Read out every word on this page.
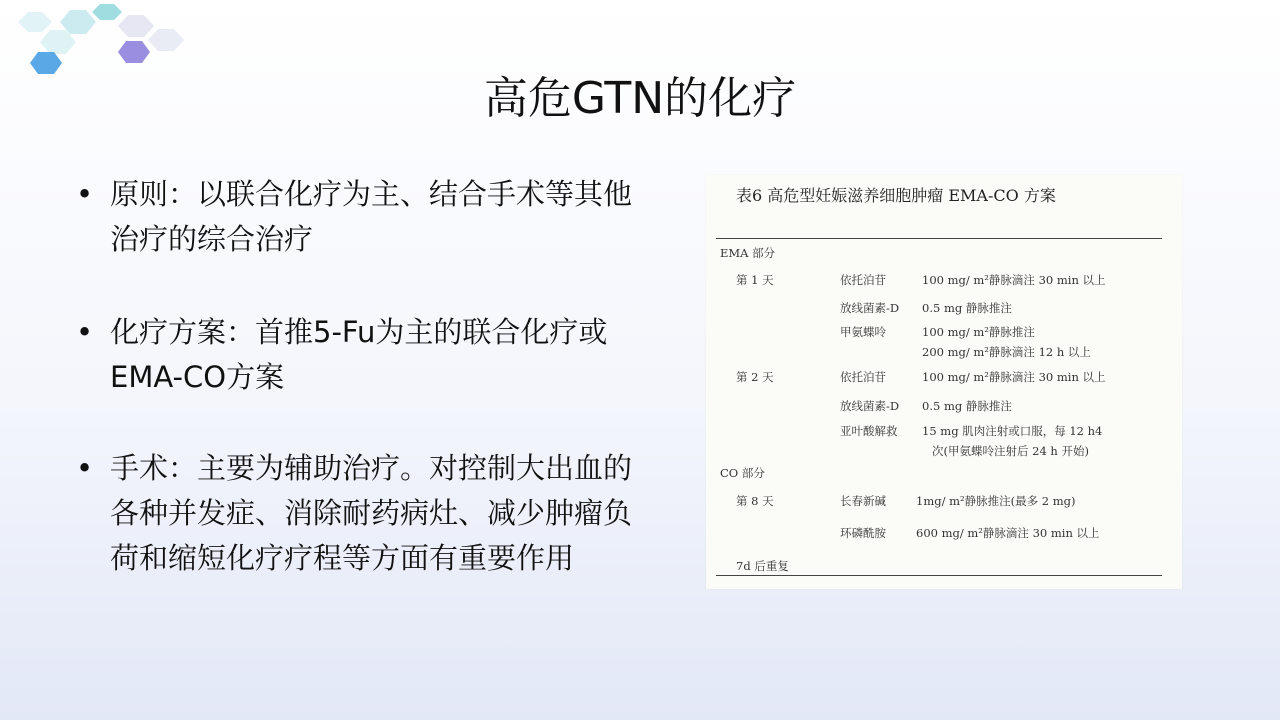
高危GTN的化疗
• 原则：以联合化疗为主、结合手术等其他治疗的综合治疗
• 化疗方案：首推5-Fu为主的联合化疗或EMA-CO方案
• 手术：主要为辅助治疗。对控制大出血的各种并发症、消除耐药病灶、减少肿瘤负荷和缩短化疗疗程等方面有重要作用
表6 高危型妊娠滋养细胞肿瘤 EMA-CO 方案
EMA 部分
第 1 天	依托泊苷	100 mg/ m²静脉滴注 30 min 以上
放线菌素-D 0.5 mg 静脉推注
甲氨蝶呤	100 mg/ m²静脉推注
200 mg/ m²静脉滴注 12 h 以上
第 2 天	依托泊苷	100 mg/ m²静脉滴注 30 min 以上
放线菌素-D 0.5 mg 静脉推注
亚叶酸解救 15 mg 肌肉注射或口服，每 12 h4
次(甲氨蝶呤注射后 24 h 开始)
CO 部分
第 8 天	长春新碱	1mg/ m²静脉推注(最多 2 mg)
环磷酰胺	600 mg/ m²静脉滴注 30 min 以上
7d 后重复
